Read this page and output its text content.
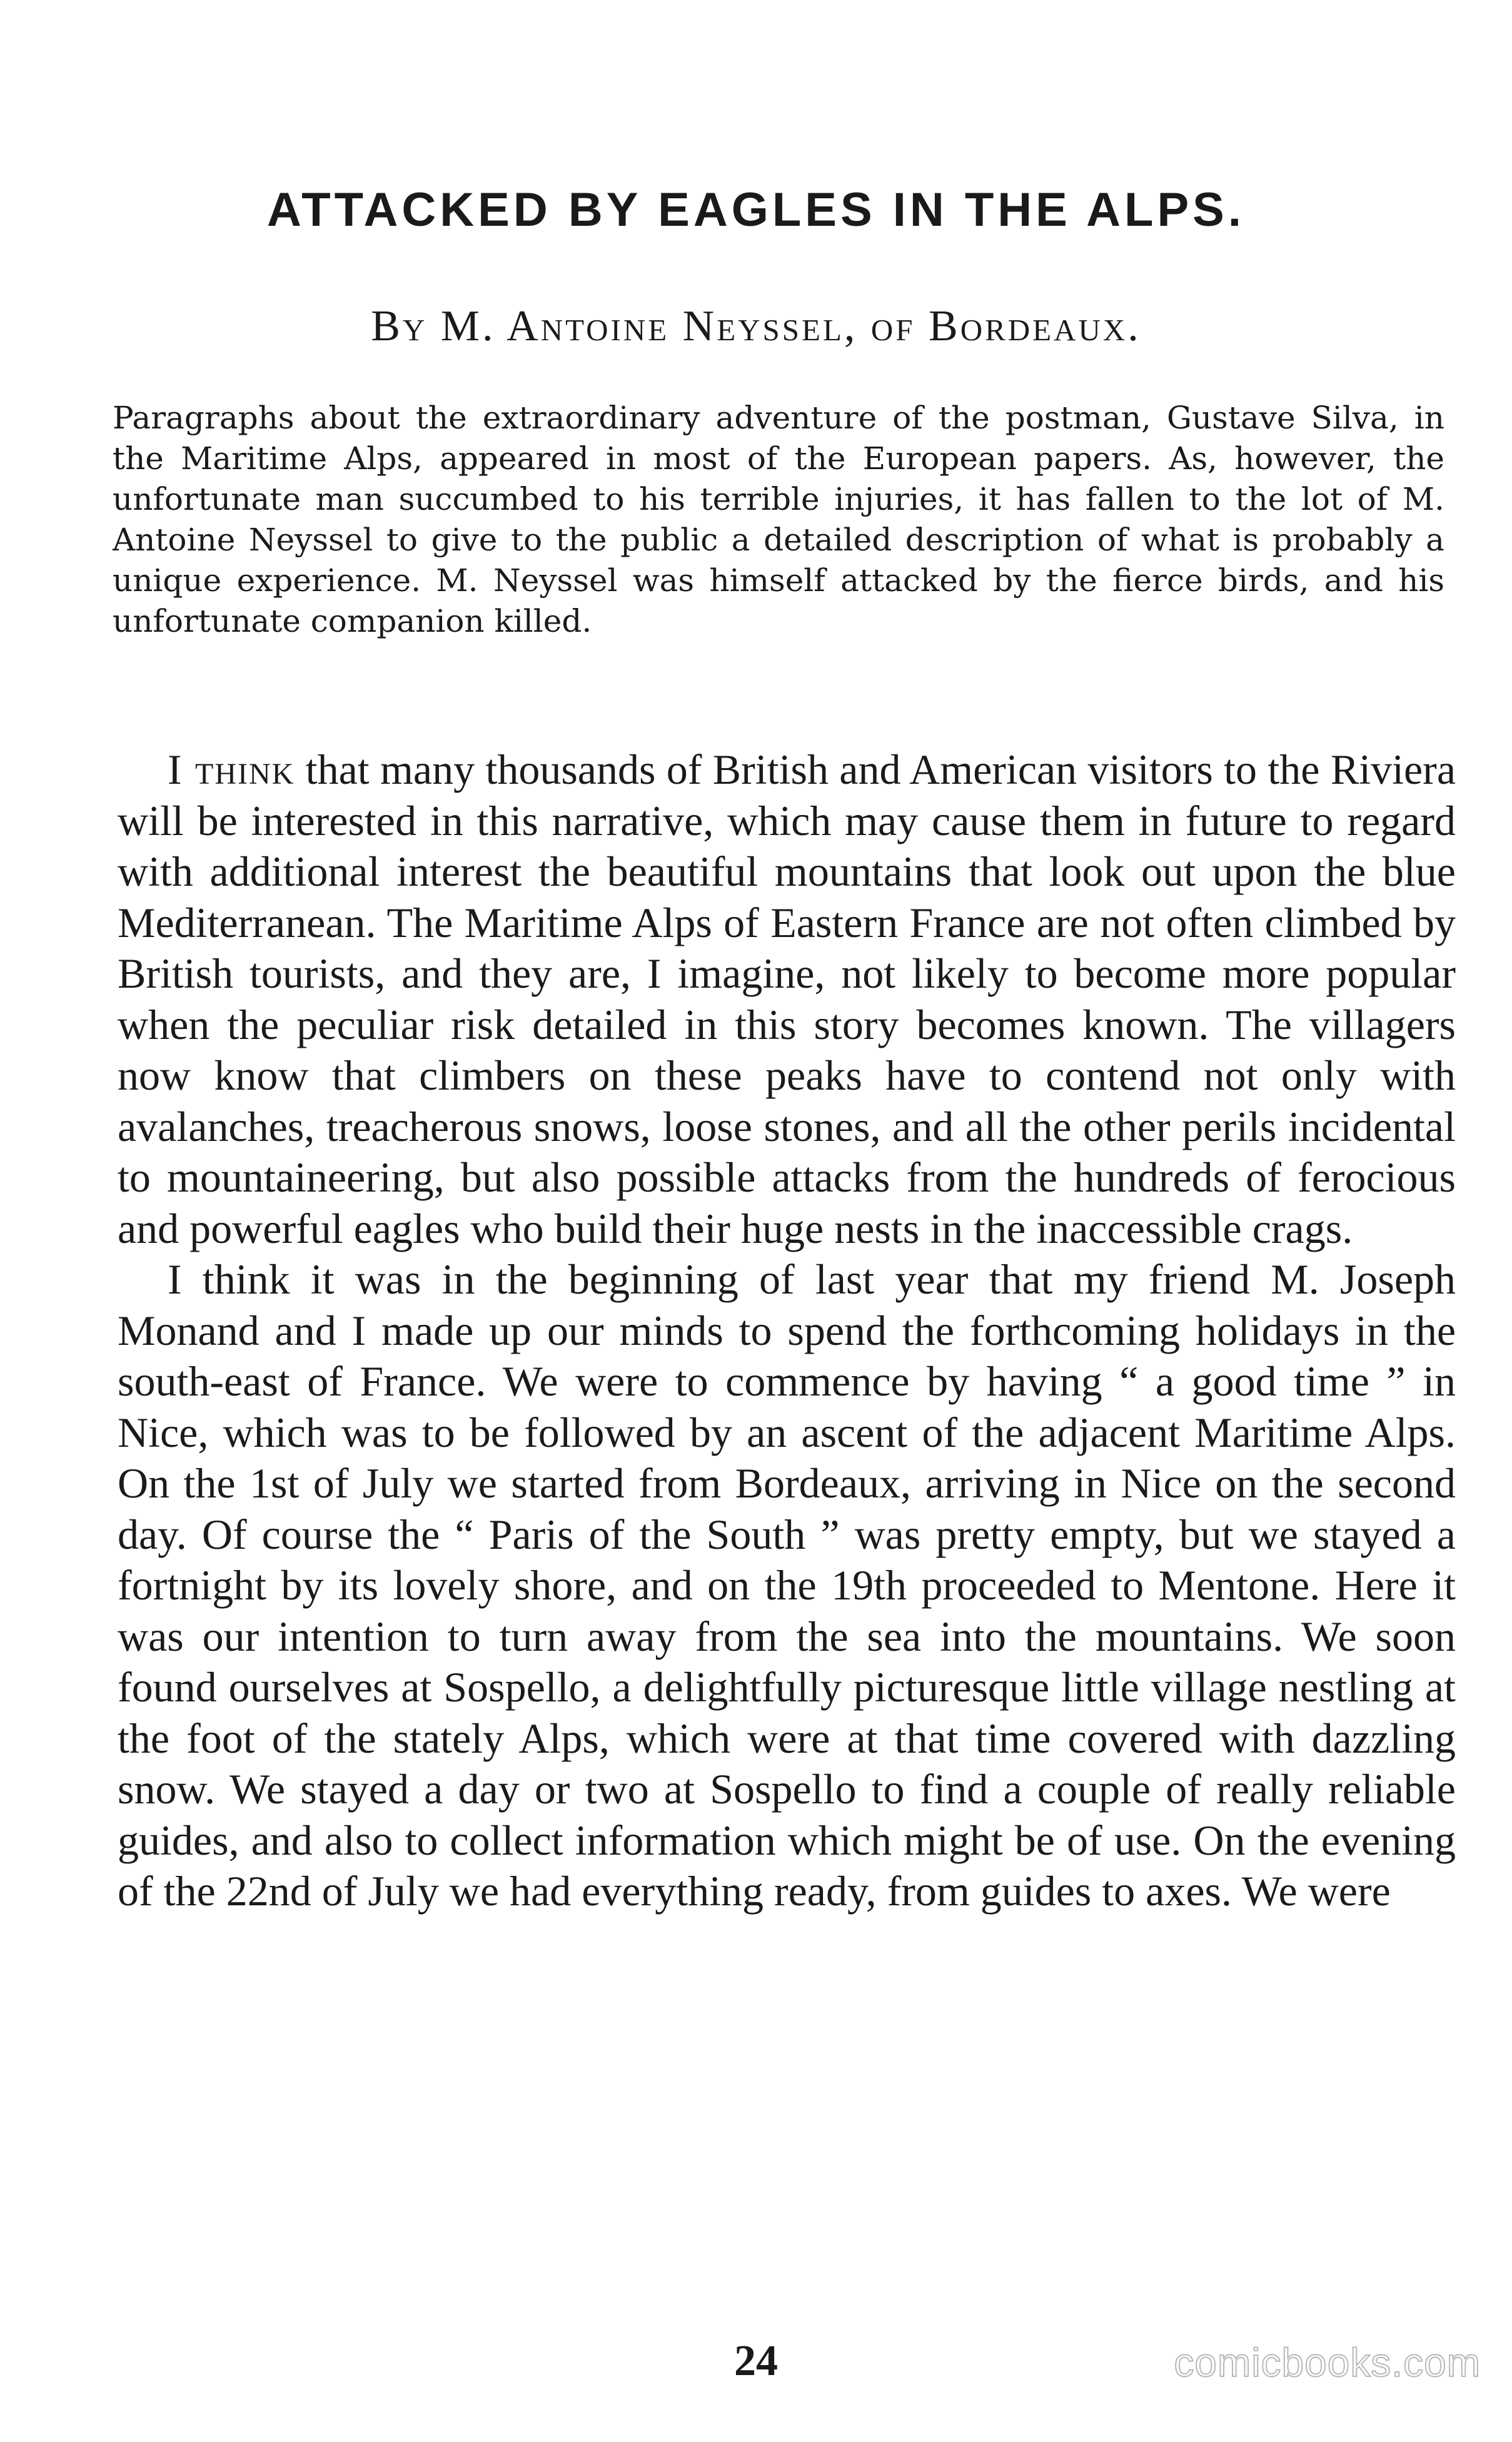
ATTACKED BY EAGLES IN THE ALPS.
By M. Antoine Neyssel, of Bordeaux.

Paragraphs about the extraordinary adventure of the postman, Gustave Silva, in the Maritime Alps, appeared in most of the European papers. As, however, the unfortunate man succumbed to his terrible injuries, it has fallen to the lot of M. Antoine Neyssel to give to the public a detailed description of what is probably a unique experience. M. Neyssel was himself attacked by the fierce birds, and his unfortunate companion killed.

I think that many thousands of British and American visitors to the Riviera will be interested in this narrative, which may cause them in future to regard with additional interest the beautiful mountains that look out upon the blue Mediterranean. The Maritime Alps of Eastern France are not often climbed by British tourists, and they are, I imagine, not likely to become more popular when the peculiar risk detailed in this story becomes known. The villagers now know that climbers on these peaks have to contend not only with avalanches, treacherous snows, loose stones, and all the other perils incidental to mountaineering, but also possible attacks from the hundreds of ferocious and powerful eagles who build their huge nests in the inaccessible crags.

I think it was in the beginning of last year that my friend M. Joseph Monand and I made up our minds to spend the forthcoming holidays in the south-east of France. We were to commence by having “ a good time ” in Nice, which was to be followed by an ascent of the adjacent Maritime Alps. On the 1st of July we started from Bordeaux, arriving in Nice on the second day. Of course the “ Paris of the South ” was pretty empty, but we stayed a fortnight by its lovely shore, and on the 19th proceeded to Mentone. Here it was our intention to turn away from the sea into the mountains. We soon found ourselves at Sospello, a delightfully picturesque little village nestling at the foot of the stately Alps, which were at that time covered with dazzling snow. We stayed a day or two at Sospello to find a couple of really reliable guides, and also to collect information which might be of use. On the evening of the 22nd of July we had everything ready, from guides to axes. We were

24	comicbooks.com
